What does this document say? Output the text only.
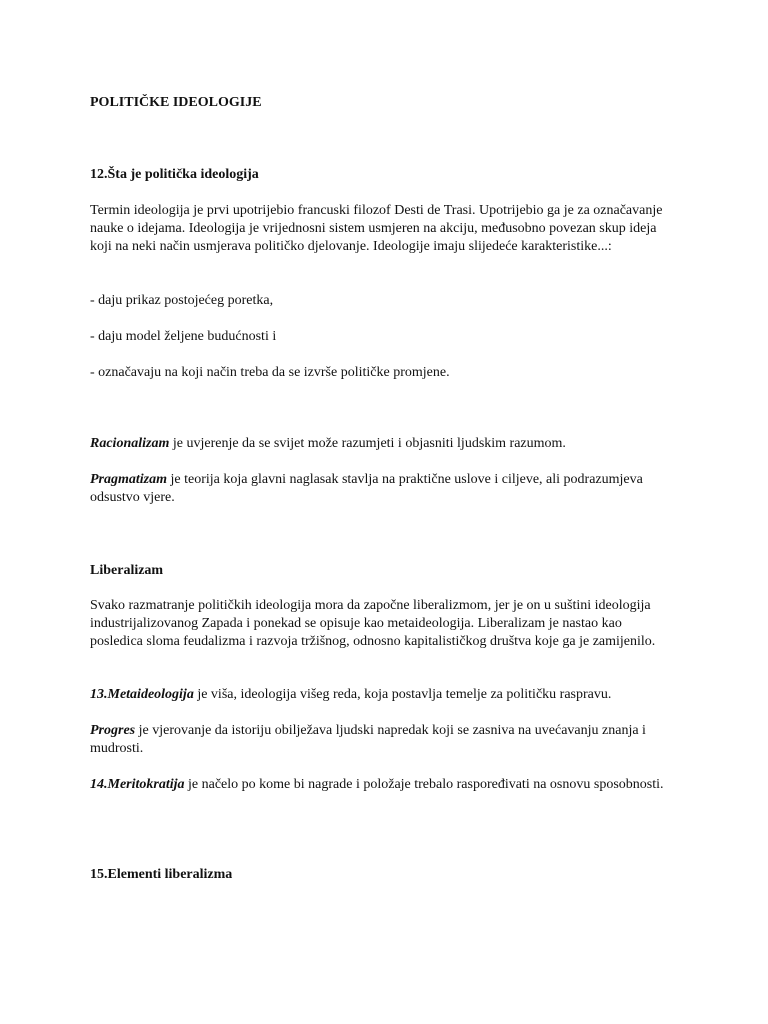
POLITIČKE IDEOLOGIJE

12.Šta je politička ideologija

Termin ideologija je prvi upotrijebio francuski filozof Desti de Trasi. Upotrijebio ga je za označavanje nauke o idejama. Ideologija je vrijednosni sistem usmjeren na akciju, međusobno povezan skup ideja koji na neki način usmjerava političko djelovanje. Ideologije imaju slijedeće karakteristike...:

- daju prikaz postojećeg poretka,

- daju model željene budućnosti i

- označavaju na koji način treba da se izvrše političke promjene.

Racionalizam je uvjerenje da se svijet može razumjeti i objasniti ljudskim razumom.

Pragmatizam je teorija koja glavni naglasak stavlja na praktične uslove i ciljeve, ali podrazumjeva odsustvo vjere.

Liberalizam

Svako razmatranje političkih ideologija mora da započne liberalizmom, jer je on u suštini ideologija industrijalizovanog Zapada i ponekad se opisuje kao metaideologija. Liberalizam je nastao kao posledica sloma feudalizma i razvoja tržišnog, odnosno kapitalističkog društva koje ga je zamijenilo.

13.Metaideologija je viša, ideologija višeg reda, koja postavlja temelje za političku raspravu.

Progres je vjerovanje da istoriju obilježava ljudski napredak koji se zasniva na uvećavanju znanja i mudrosti.

14.Meritokratija je načelo po kome bi nagrade i položaje trebalo raspoređivati na osnovu sposobnosti.

15.Elementi liberalizma
